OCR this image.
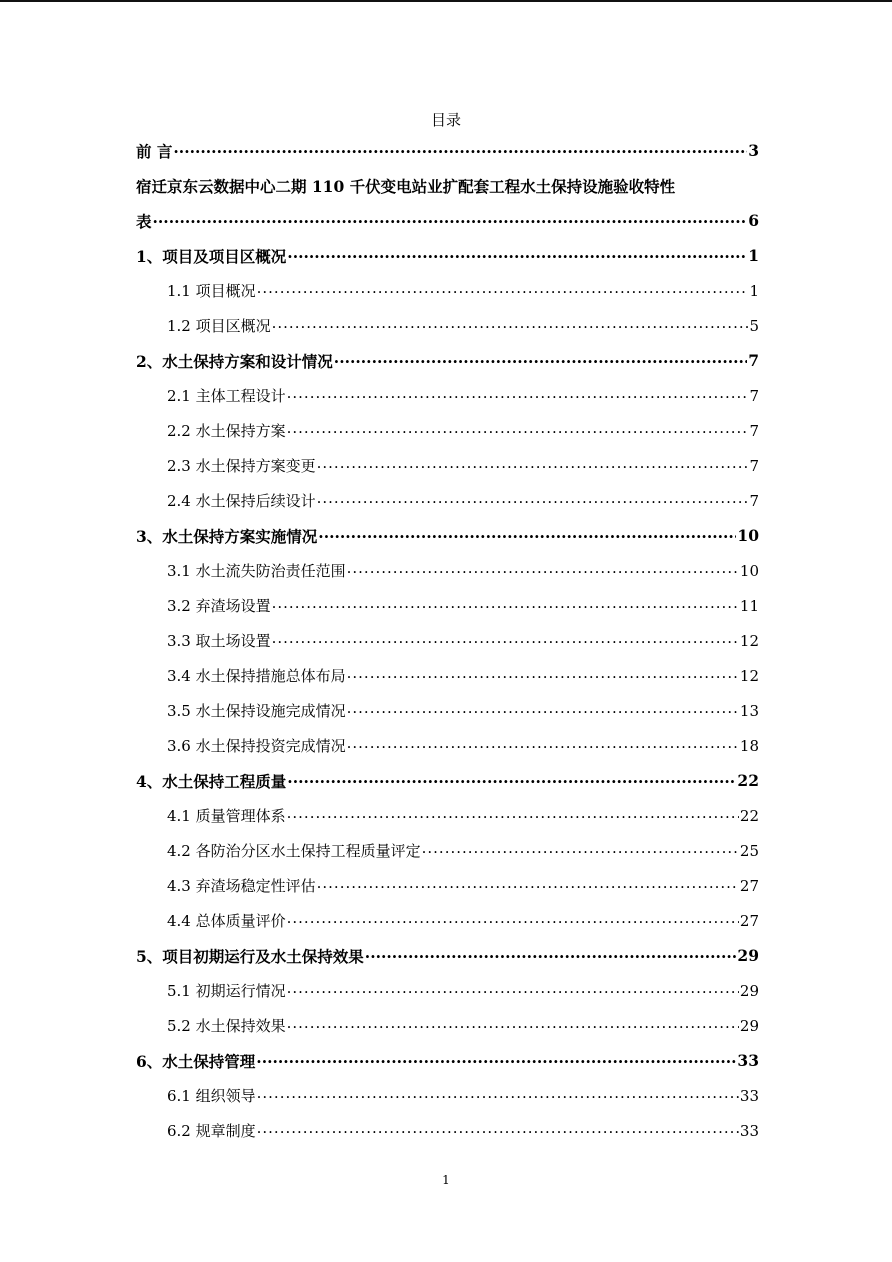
目录
前 言 .....	3
宿迁京东云数据中心二期 110 千伏变电站业扩配套工程水土保持设施验收特性
表 .....	6
1、项目及项目区概况 .....	1
1.1 项目概况 .....	1
1.2 项目区概况 .....	5
2、水土保持方案和设计情况 .....	7
2.1 主体工程设计 .....	7
2.2 水土保持方案 .....	7
2.3 水土保持方案变更 .....	7
2.4 水土保持后续设计 .....	7
3、水土保持方案实施情况 .....	10
3.1 水土流失防治责任范围 .....	10
3.2 弃渣场设置 .....	11
3.3 取土场设置 .....	12
3.4 水土保持措施总体布局 .....	12
3.5 水土保持设施完成情况 .....	13
3.6 水土保持投资完成情况 .....	18
4、水土保持工程质量 .....	22
4.1 质量管理体系 .....	22
4.2 各防治分区水土保持工程质量评定 .....	25
4.3 弃渣场稳定性评估 .....	27
4.4 总体质量评价 .....	27
5、项目初期运行及水土保持效果 .....	29
5.1 初期运行情况 .....	29
5.2 水土保持效果 .....	29
6、水土保持管理 .....	33
6.1 组织领导 .....	33
6.2 规章制度 .....	33
1
